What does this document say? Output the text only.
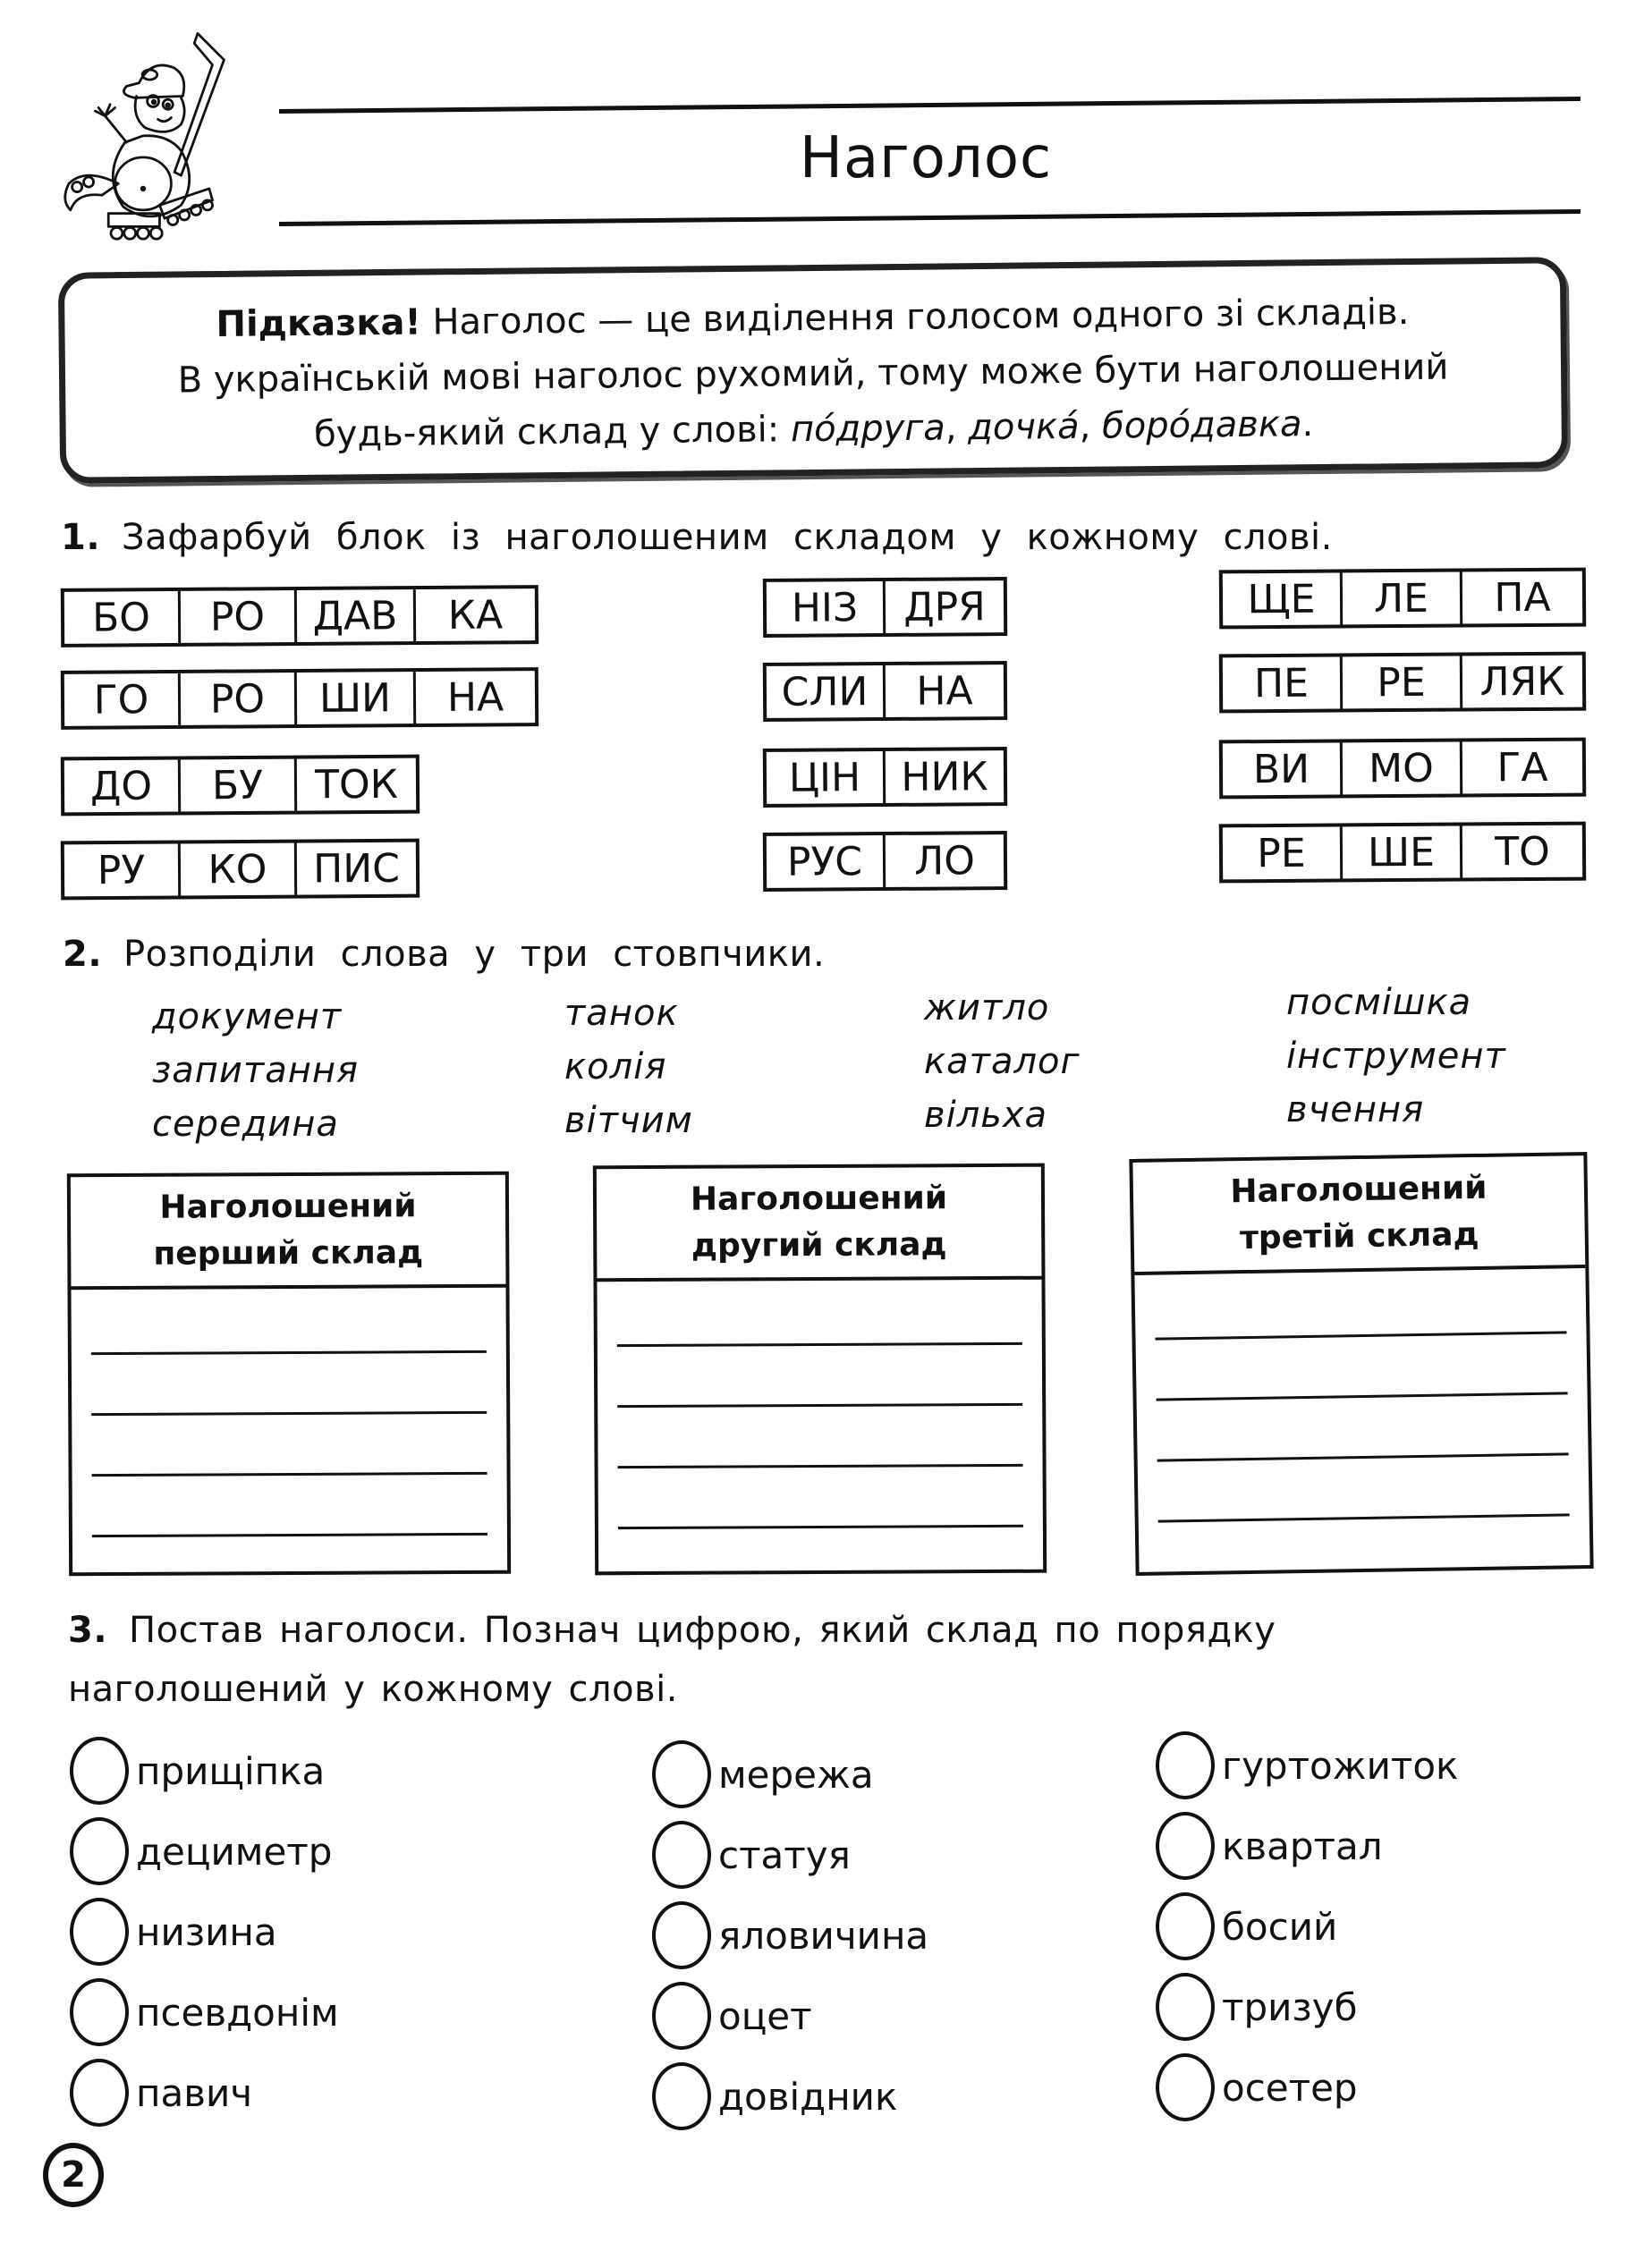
Наголос
Підказка! Наголос — це виділення голосом одного зі складів.
В українській мові наголос рухомий, тому може бути наголошений
будь-який склад у слові: по́друга, дочка́, боро́давка.
1. Зафарбуй блок із наголошеним складом у кожному слові.
БО	РО	ДАВ	КА
ГО	РО	ШИ	НА
ДО	БУ	ТОК
РУ	КО	ПИС
НІЗ	ДРЯ
СЛИ	НА
ЦІН	НИК
РУС	ЛО
ЩЕ	ЛЕ	ПА
ПЕ	РЕ	ЛЯК
ВИ	МО	ГА
РЕ	ШЕ	ТО
2. Розподіли слова у три стовпчики.
документ
запитання
середина
танок
колія
вітчим
житло
каталог
вільха
посмішка
інструмент
вчення
Наголошений
перший склад
Наголошений
другий склад
Наголошений
третій склад
3. Постав наголоси. Познач цифрою, який склад по порядку
наголошений у кожному слові.
прищіпка
дециметр
низина
псевдонім
павич
мережа
статуя
яловичина
оцет
довідник
гуртожиток
квартал
босий
тризуб
осетер
2
